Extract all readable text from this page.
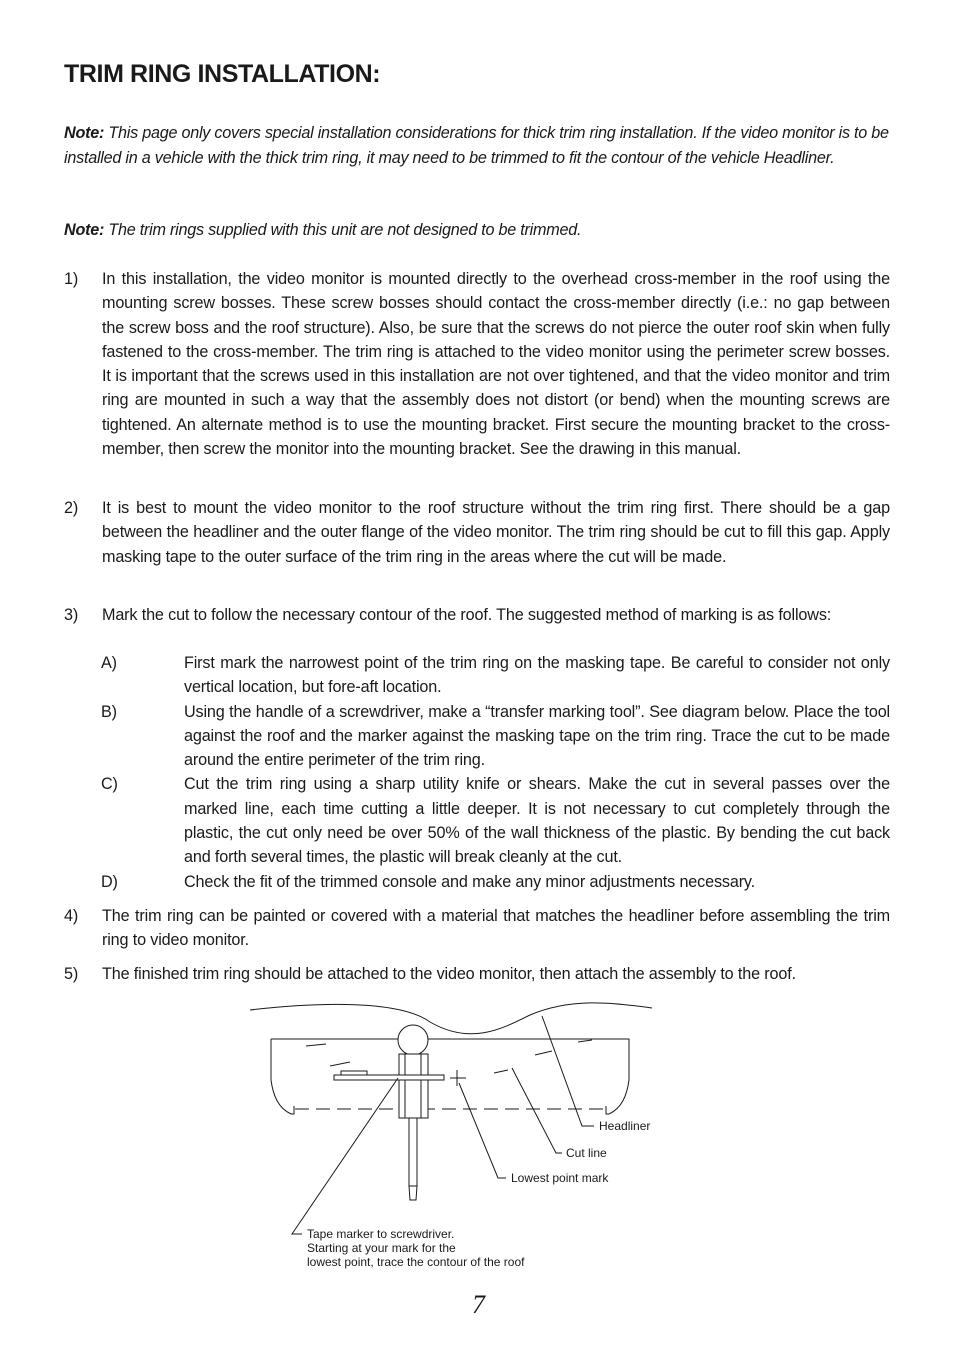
TRIM RING INSTALLATION:

Note: This page only covers special installation considerations for thick trim ring installation. If the video monitor is to be installed in a vehicle with the thick trim ring, it may need to be trimmed to fit the contour of the vehicle Headliner.

Note: The trim rings supplied with this unit are not designed to be trimmed.

1) In this installation, the video monitor is mounted directly to the overhead cross-member in the roof using the mounting screw bosses. These screw bosses should contact the cross-member directly (i.e.: no gap between the screw boss and the roof structure). Also, be sure that the screws do not pierce the outer roof skin when fully fastened to the cross-member. The trim ring is attached to the video monitor using the perimeter screw bosses. It is important that the screws used in this installation are not over tightened, and that the video monitor and trim ring are mounted in such a way that the assembly does not distort (or bend) when the mounting screws are tightened. An alternate method is to use the mounting bracket. First secure the mounting bracket to the cross-member, then screw the monitor into the mounting bracket. See the drawing in this manual.
2) It is best to mount the video monitor to the roof structure without the trim ring first. There should be a gap between the headliner and the outer flange of the video monitor. The trim ring should be cut to fill this gap. Apply masking tape to the outer surface of the trim ring in the areas where the cut will be made.
3) Mark the cut to follow the necessary contour of the roof. The suggested method of marking is as follows:
A)	First mark the narrowest point of the trim ring on the masking tape. Be careful to consider not only vertical location, but fore-aft location.
B)	Using the handle of a screwdriver, make a “transfer marking tool”. See diagram below. Place the tool against the roof and the marker against the masking tape on the trim ring. Trace the cut to be made around the entire perimeter of the trim ring.
C)	Cut the trim ring using a sharp utility knife or shears. Make the cut in several passes over the marked line, each time cutting a little deeper. It is not necessary to cut completely through the plastic, the cut only need be over 50% of the wall thickness of the plastic. By bending the cut back and forth several times, the plastic will break cleanly at the cut.
D)	Check the fit of the trimmed console and make any minor adjustments necessary.
4) The trim ring can be painted or covered with a material that matches the headliner before assembling the trim ring to video monitor.
5) The finished trim ring should be attached to the video monitor, then attach the assembly to the roof.
Headliner
Cut line
Lowest point mark
Tape marker to screwdriver.
Starting at your mark for the
lowest point, trace the contour of the roof
7
